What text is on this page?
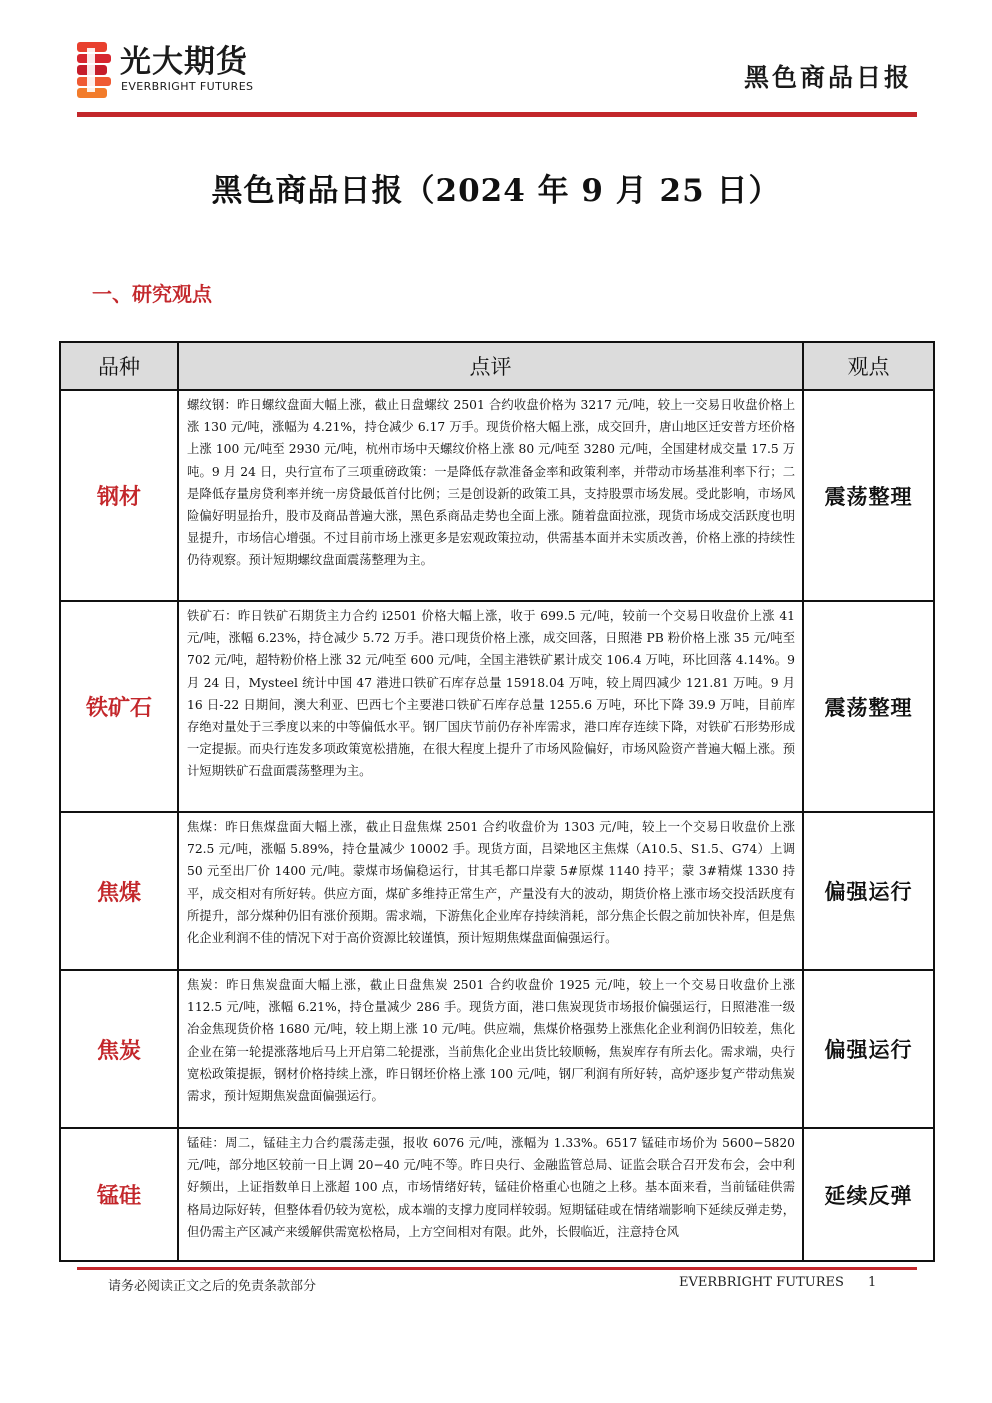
光大期货
EVERBRIGHT FUTURES	黑色商品日报
黑色商品日报（2024 年 9 月 25 日）
一、研究观点
品种	点评	观点
钢材	螺纹钢：昨日螺纹盘面大幅上涨，截止日盘螺纹 2501 合约收盘价格为 3217 元/吨，较上一交易日收盘价格上涨 130 元/吨，涨幅为 4.21%，持仓减少 6.17 万手。现货价格大幅上涨，成交回升，唐山地区迁安普方坯价格上涨 100 元/吨至 2930 元/吨，杭州市场中天螺纹价格上涨 80 元/吨至 3280 元/吨，全国建材成交量 17.5 万吨。9 月 24 日，央行宣布了三项重磅政策：一是降低存款准备金率和政策利率，并带动市场基准利率下行；二是降低存量房贷利率并统一房贷最低首付比例；三是创设新的政策工具，支持股票市场发展。受此影响，市场风险偏好明显抬升，股市及商品普遍大涨，黑色系商品走势也全面上涨。随着盘面拉涨，现货市场成交活跃度也明显提升，市场信心增强。不过目前市场上涨更多是宏观政策拉动，供需基本面并未实质改善，价格上涨的持续性仍待观察。预计短期螺纹盘面震荡整理为主。	震荡整理
铁矿石	铁矿石：昨日铁矿石期货主力合约 i2501 价格大幅上涨，收于 699.5 元/吨，较前一个交易日收盘价上涨 41 元/吨，涨幅 6.23%，持仓减少 5.72 万手。港口现货价格上涨，成交回落，日照港 PB 粉价格上涨 35 元/吨至 702 元/吨，超特粉价格上涨 32 元/吨至 600 元/吨，全国主港铁矿累计成交 106.4 万吨，环比回落 4.14%。9 月 24 日，Mysteel 统计中国 47 港进口铁矿石库存总量 15918.04 万吨，较上周四减少 121.81 万吨。9 月 16 日-22 日期间，澳大利亚、巴西七个主要港口铁矿石库存总量 1255.6 万吨，环比下降 39.9 万吨，目前库存绝对量处于三季度以来的中等偏低水平。钢厂国庆节前仍存补库需求，港口库存连续下降，对铁矿石形势形成一定提振。而央行连发多项政策宽松措施，在很大程度上提升了市场风险偏好，市场风险资产普遍大幅上涨。预计短期铁矿石盘面震荡整理为主。	震荡整理
焦煤	焦煤：昨日焦煤盘面大幅上涨，截止日盘焦煤 2501 合约收盘价为 1303 元/吨，较上一个交易日收盘价上涨 72.5 元/吨，涨幅 5.89%，持仓量减少 10002 手。现货方面，吕梁地区主焦煤（A10.5、S1.5、G74）上调 50 元至出厂价 1400 元/吨。蒙煤市场偏稳运行，甘其毛都口岸蒙 5#原煤 1140 持平；蒙 3#精煤 1330 持平，成交相对有所好转。供应方面，煤矿多维持正常生产，产量没有大的波动，期货价格上涨市场交投活跃度有所提升，部分煤种仍旧有涨价预期。需求端，下游焦化企业库存持续消耗，部分焦企长假之前加快补库，但是焦化企业利润不佳的情况下对于高价资源比较谨慎，预计短期焦煤盘面偏强运行。	偏强运行
焦炭	焦炭：昨日焦炭盘面大幅上涨，截止日盘焦炭 2501 合约收盘价 1925 元/吨，较上一个交易日收盘价上涨 112.5 元/吨，涨幅 6.21%，持仓量减少 286 手。现货方面，港口焦炭现货市场报价偏强运行，日照港准一级冶金焦现货价格 1680 元/吨，较上期上涨 10 元/吨。供应端，焦煤价格强势上涨焦化企业利润仍旧较差，焦化企业在第一轮提涨落地后马上开启第二轮提涨，当前焦化企业出货比较顺畅，焦炭库存有所去化。需求端，央行宽松政策提振，钢材价格持续上涨，昨日钢坯价格上涨 100 元/吨，钢厂利润有所好转，高炉逐步复产带动焦炭需求，预计短期焦炭盘面偏强运行。	偏强运行
锰硅	锰硅：周二，锰硅主力合约震荡走强，报收 6076 元/吨，涨幅为 1.33%。6517 锰硅市场价为 5600−5820 元/吨，部分地区较前一日上调 20−40 元/吨不等。昨日央行、金融监管总局、证监会联合召开发布会，会中利好频出，上证指数单日上涨超 100 点，市场情绪好转，锰硅价格重心也随之上移。基本面来看，当前锰硅供需格局边际好转，但整体看仍较为宽松，成本端的支撑力度同样较弱。短期锰硅或在情绪端影响下延续反弹走势，但仍需主产区减产来缓解供需宽松格局，上方空间相对有限。此外，长假临近，注意持仓风	延续反弹
请务必阅读正文之后的免责条款部分	EVERBRIGHT FUTURES 1
